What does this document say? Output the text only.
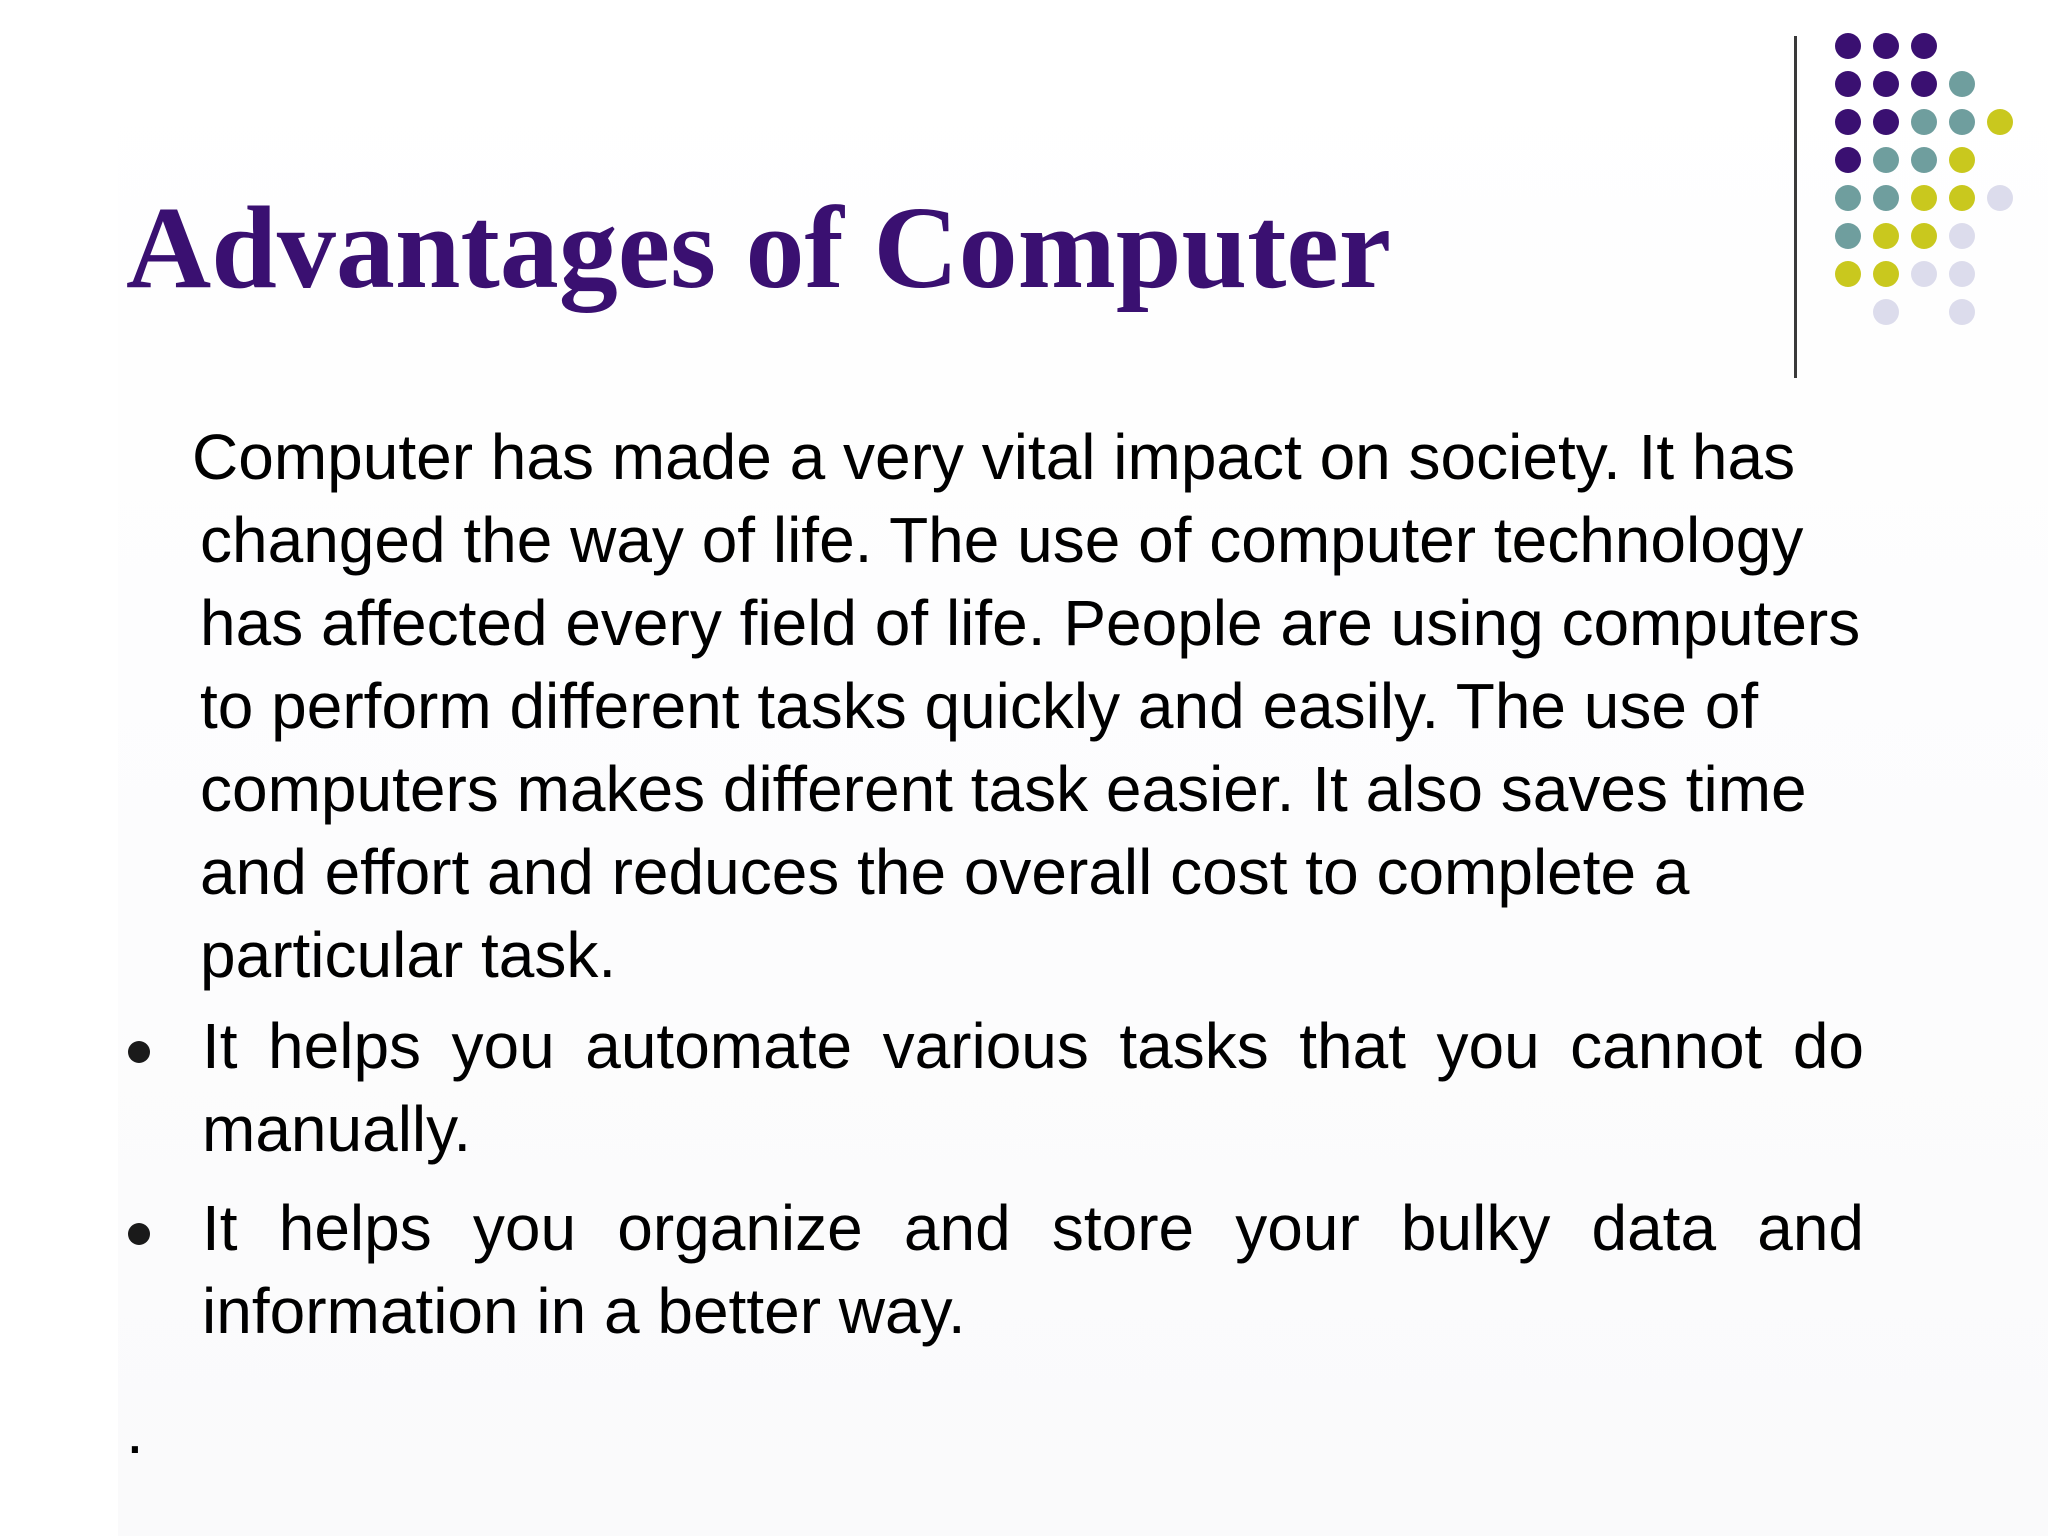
Advantages of Computer

Computer has made a very vital impact on society. It has changed the way of life. The use of computer technology has affected every field of life. People are using computers to perform different tasks quickly and easily. The use of computers makes different task easier. It also saves time and effort and reduces the overall cost to complete a particular task.

It helps you automate various tasks that you cannot do manually.
It helps you organize and store your bulky data and information in a better way.
.
